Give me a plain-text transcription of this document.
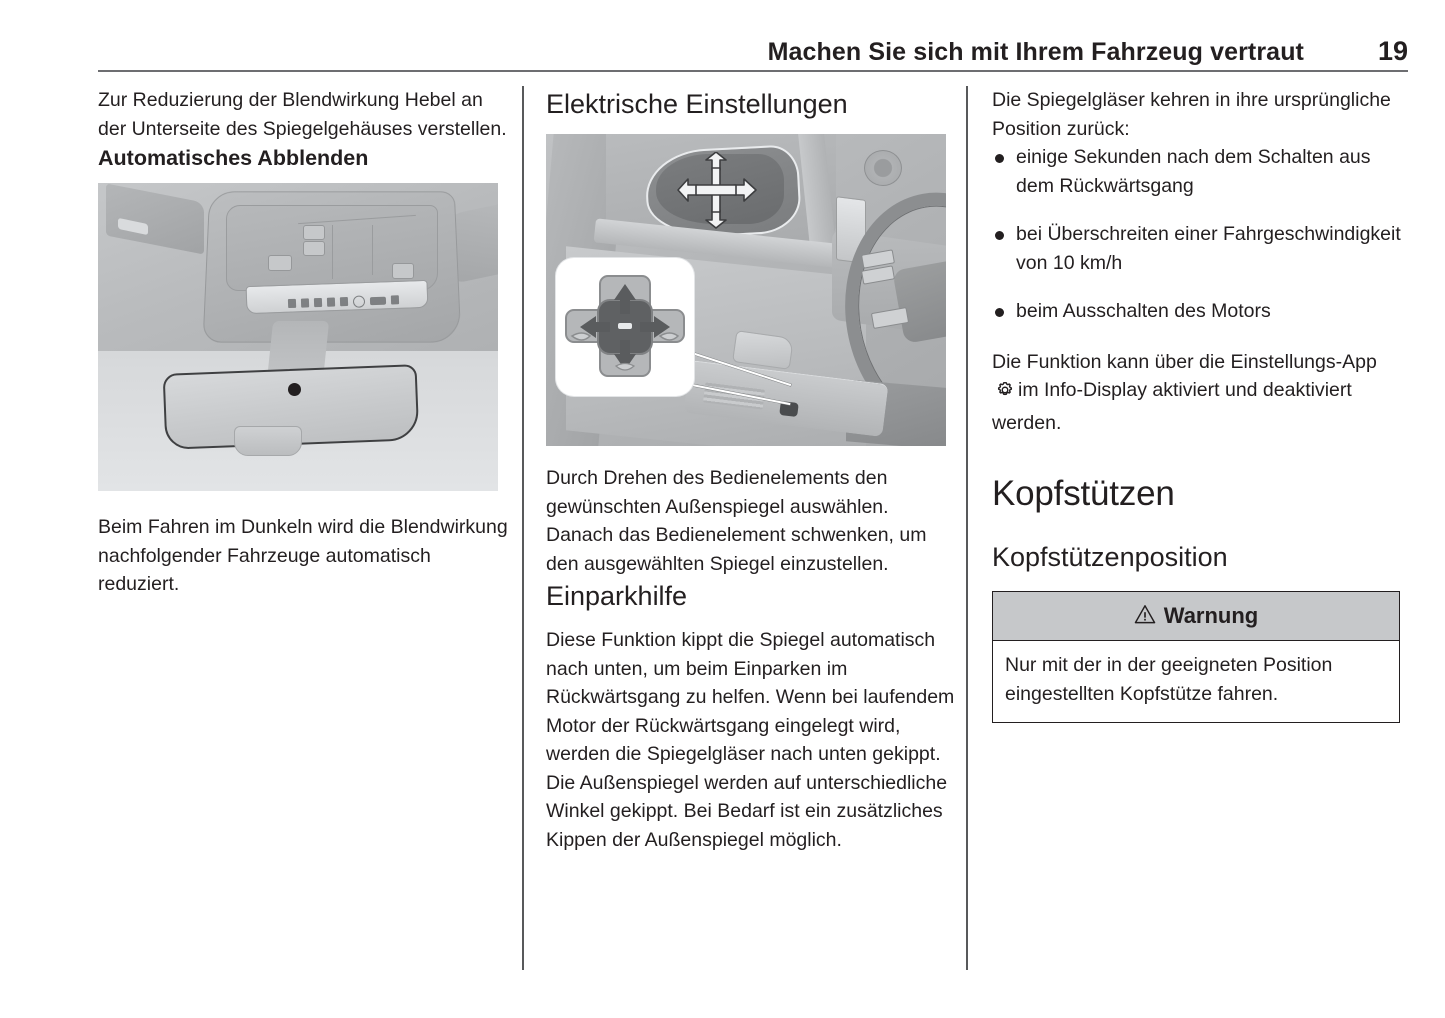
Machen Sie sich mit Ihrem Fahrzeug vertraut	19

Zur Reduzierung der Blendwirkung Hebel an der Unterseite des Spiegelgehäuses verstellen.

Automatisches Abblenden

Beim Fahren im Dunkeln wird die Blendwirkung nachfolgender Fahrzeuge automatisch reduziert.

Elektrische Einstellungen

Durch Drehen des Bedienelements den gewünschten Außenspiegel auswählen. Danach das Bedienelement schwenken, um den ausgewählten Spiegel einzustellen.

Einparkhilfe

Diese Funktion kippt die Spiegel automatisch nach unten, um beim Einparken im Rückwärtsgang zu helfen. Wenn bei laufendem Motor der Rückwärtsgang eingelegt wird, werden die Spiegelgläser nach unten gekippt. Die Außenspiegel werden auf unterschiedliche Winkel gekippt. Bei Bedarf ist ein zusätzliches Kippen der Außenspiegel möglich.

Die Spiegelgläser kehren in ihre ursprüngliche Position zurück:

einige Sekunden nach dem Schalten aus dem Rückwärtsgang
bei Überschreiten einer Fahrgeschwindigkeit von 10 km/h
beim Ausschalten des Motors

Die Funktion kann über die Einstellungs-Appim Info-Display aktiviert und deaktiviert werden.

Kopfstützen
Kopfstützenposition
Warnung
Nur mit der in der geeigneten Position eingestellten Kopfstütze fahren.
